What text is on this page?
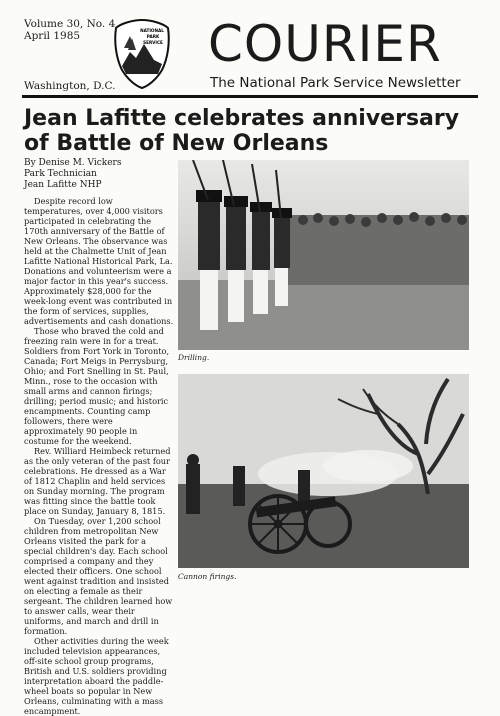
Volume 30, No. 4
April 1985
Washington, D.C.
NATIONAL
PARK
SERVICE COURIER
The National Park Service Newsletter
Jean Lafitte celebrates anniversary of Battle of New Orleans
By Denise M. Vickers
Park Technician
Jean Lafitte NHP

Despite record low temperatures, over 4,000 visitors participated in celebrating the 170th anniversary of the Battle of New Orleans. The observance was held at the Chalmette Unit of Jean Lafitte National Historical Park, La. Donations and volunteerism were a major factor in this year's success. Approximately $28,000 for the week-long event was contributed in the form of services, supplies, advertisements and cash donations.

Those who braved the cold and freezing rain were in for a treat. Soldiers from Fort York in Toronto, Canada; Fort Meigs in Perrysburg, Ohio; and Fort Snelling in St. Paul, Minn., rose to the occasion with small arms and cannon firings; drilling; period music; and historic encampments. Counting camp followers, there were approximately 90 people in costume for the weekend.

Rev. Williard Heimbeck returned as the only veteran of the past four celebrations. He dressed as a War of 1812 Chaplin and held services on Sunday morning. The program was fitting since the battle took place on Sunday, January 8, 1815.

On Tuesday, over 1,200 school children from metropolitan New Orleans visited the park for a special children's day. Each school comprised a company and they elected their officers. One school went against tradition and insisted on electing a female as their sergeant. The children learned how to answer calls, wear their uniforms, and march and drill in formation.

Other activities during the week included television appearances, off-site school group programs, British and U.S. soldiers providing interpretation aboard the paddle-wheel boats so popular in New Orleans, culminating with a mass encampment.

Drilling.
Cannon firings.
